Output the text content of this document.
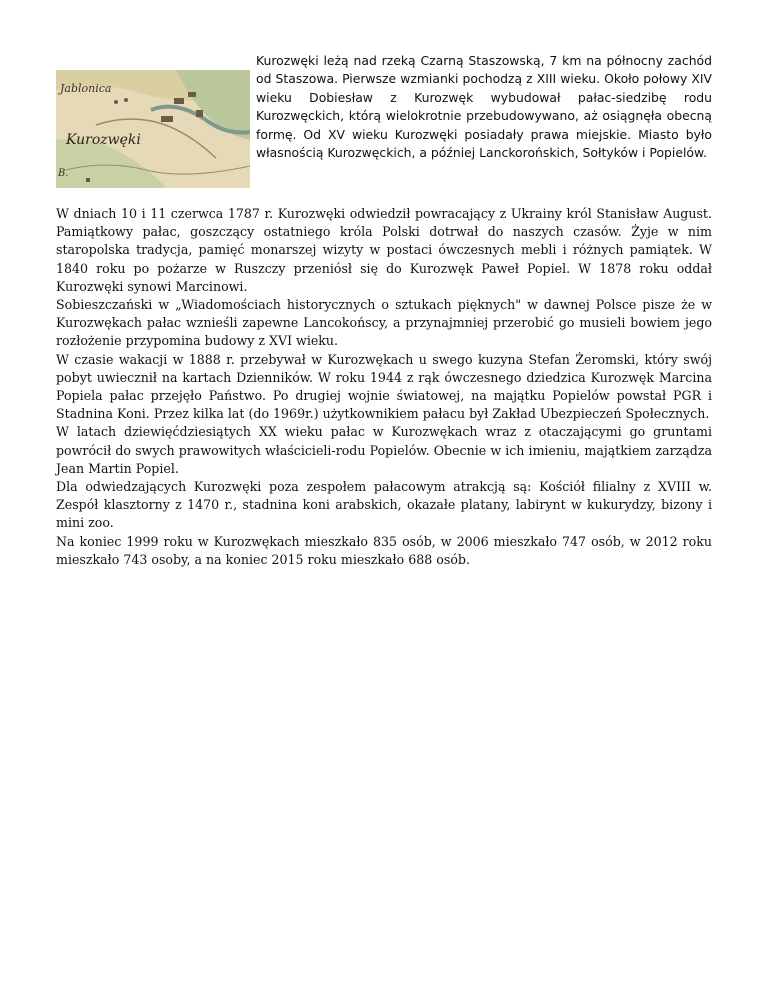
Jablonica
Kurozwęki
B.

Kurozwęki leżą nad rzeką Czarną Staszowską, 7 km na północny zachód od Staszowa. Pierwsze wzmianki pochodzą z XIII wieku. Około połowy XIV wieku Dobiesław z Kurozwęk wybudował pałac-siedzibę rodu Kurozwęckich, którą wielokrotnie przebudowywano, aż osiągnęła obecną formę. Od XV wieku Kurozwęki posiadały prawa miejskie. Miasto było własnością Kurozwęckich, a później Lanckorońskich, Sołtyków i Popielów.

W dniach 10 i 11 czerwca 1787 r. Kurozwęki odwiedził powracający z Ukrainy król Stanisław August. Pamiątkowy pałac, goszczący ostatniego króla Polski dotrwał do naszych czasów. Żyje w nim staropolska tradycja, pamięć monarszej wizyty w postaci ówczesnych mebli i różnych pamiątek. W 1840 roku po pożarze w Ruszczy przeniósł się do Kurozwęk Paweł Popiel. W 1878 roku oddał Kurozwęki synowi Marcinowi.

Sobieszczański w „Wiadomościach historycznych o sztukach pięknych" w dawnej Polsce pisze że w Kurozwękach pałac wznieśli zapewne Lancokońscy, a przynajmniej przerobić go musieli bowiem jego rozłożenie przypomina budowy z XVI wieku.

W czasie wakacji w 1888 r. przebywał w Kurozwękach u swego kuzyna Stefan Żeromski, który swój pobyt uwiecznił na kartach Dzienników. W roku 1944 z rąk ówczesnego dziedzica Kurozwęk Marcina Popiela pałac przejęło Państwo. Po drugiej wojnie światowej, na majątku Popielów powstał PGR i Stadnina Koni. Przez kilka lat (do 1969r.) użytkownikiem pałacu był Zakład Ubezpieczeń Społecznych.

W latach dziewięćdziesiątych XX wieku pałac w Kurozwękach wraz z otaczającymi go gruntami powrócił do swych prawowitych właścicieli-rodu Popielów. Obecnie w ich imieniu, majątkiem zarządza Jean Martin Popiel.

Dla odwiedzających Kurozwęki poza zespołem pałacowym atrakcją są: Kościół filialny z XVIII w. Zespół klasztorny z 1470 r., stadnina koni arabskich, okazałe platany, labirynt w kukurydzy, bizony i mini zoo.

Na koniec 1999 roku w Kurozwękach mieszkało 835 osób, w 2006 mieszkało 747 osób, w 2012 roku mieszkało 743 osoby, a na koniec 2015 roku mieszkało 688 osób.
